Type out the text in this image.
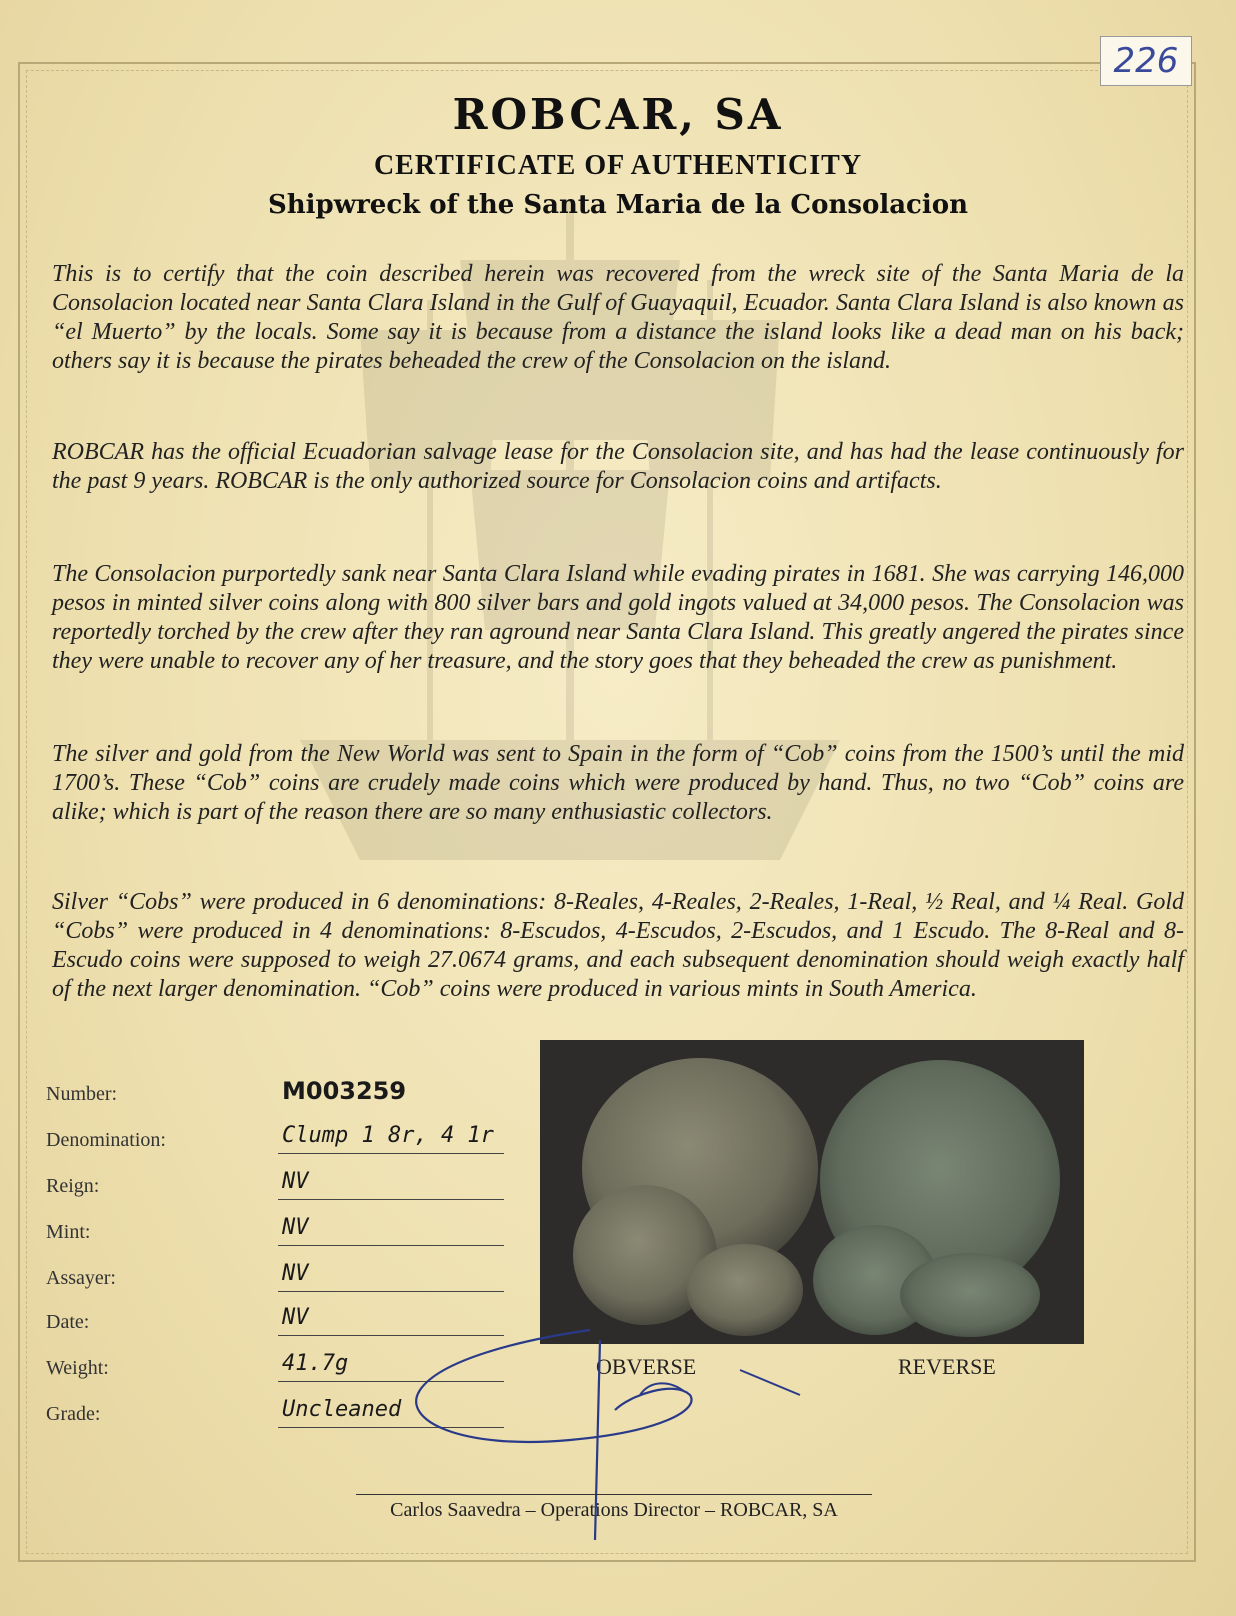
226
ROBCAR, SA
CERTIFICATE OF AUTHENTICITY
Shipwreck of the Santa Maria de la Consolacion

This is to certify that the coin described herein was recovered from the wreck site of the Santa Maria de la Consolacion located near Santa Clara Island in the Gulf of Guayaquil, Ecuador. Santa Clara Island is also known as “el Muerto” by the locals. Some say it is because from a distance the island looks like a dead man on his back; others say it is because the pirates beheaded the crew of the Consolacion on the island.

ROBCAR has the official Ecuadorian salvage lease for the Consolacion site, and has had the lease continuously for the past 9 years. ROBCAR is the only authorized source for Consolacion coins and artifacts.

The Consolacion purportedly sank near Santa Clara Island while evading pirates in 1681. She was carrying 146,000 pesos in minted silver coins along with 800 silver bars and gold ingots valued at 34,000 pesos. The Consolacion was reportedly torched by the crew after they ran aground near Santa Clara Island. This greatly angered the pirates since they were unable to recover any of her treasure, and the story goes that they beheaded the crew as punishment.

The silver and gold from the New World was sent to Spain in the form of “Cob” coins from the 1500’s until the mid 1700’s. These “Cob” coins are crudely made coins which were produced by hand. Thus, no two “Cob” coins are alike; which is part of the reason there are so many enthusiastic collectors.

Silver “Cobs” were produced in 6 denominations: 8-Reales, 4-Reales, 2-Reales, 1-Real, ½ Real, and ¼ Real. Gold “Cobs” were produced in 4 denominations: 8-Escudos, 4-Escudos, 2-Escudos, and 1 Escudo. The 8-Real and 8-Escudo coins were supposed to weigh 27.0674 grams, and each subsequent denomination should weigh exactly half of the next larger denomination. “Cob” coins were produced in various mints in South America.

Number:	M003259
Denomination:	Clump 1 8r, 4 1r
Reign:	NV
Mint:	NV
Assayer:	NV
Date:	NV
Weight:	41.7g
Grade:	Uncleaned
OBVERSE	REVERSE
Carlos Saavedra – Operations Director – ROBCAR, SA
